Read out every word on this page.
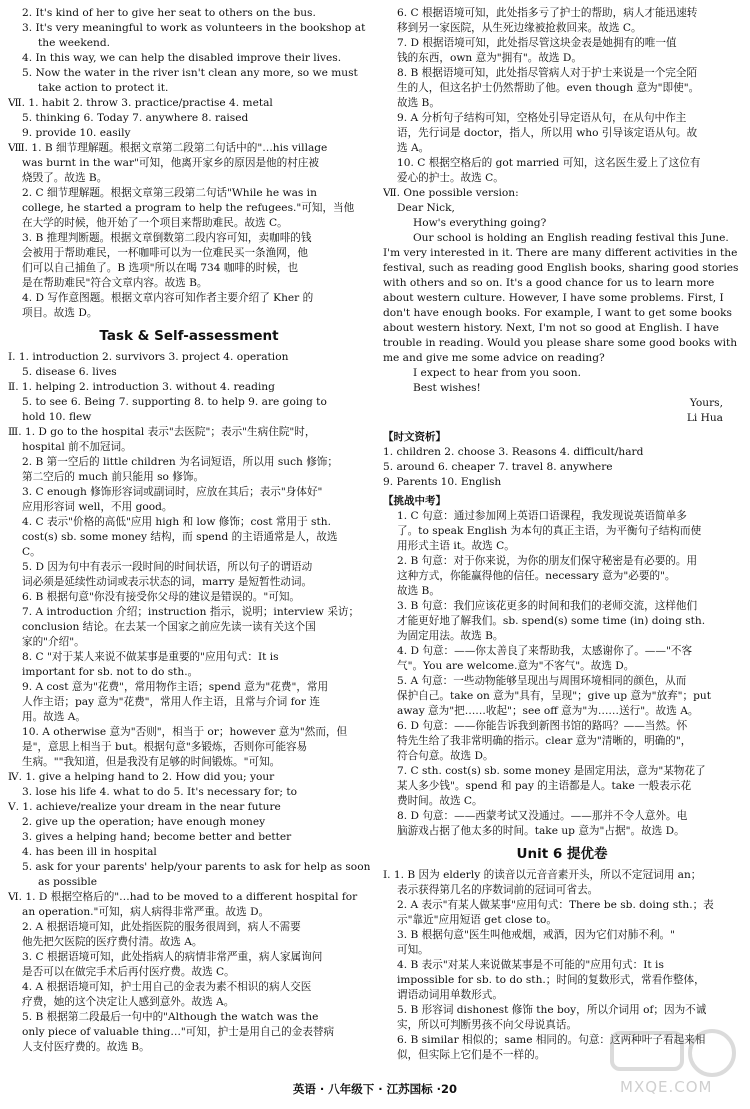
2. It's kind of her to give her seat to others on the bus.
3. It's very meaningful to work as volunteers in the bookshop at
the weekend.
4. In this way, we can help the disabled improve their lives.
5. Now the water in the river isn't clean any more, so we must
take action to protect it.
Ⅶ. 1. habit 2. throw 3. practice/practise 4. metal
5. thinking 6. Today 7. anywhere 8. raised
9. provide 10. easily
Ⅷ. 1. B 细节理解题。根据文章第二段第二句话中的"…his village
was burnt in the war"可知，他离开家乡的原因是他的村庄被
烧毁了。故选 B。
2. C 细节理解题。根据文章第三段第二句话"While he was in
college, he started a program to help the refugees."可知，当他
在大学的时候，他开始了一个项目来帮助难民。故选 C。
3. B 推理判断题。根据文章倒数第二段内容可知，卖咖啡的钱
会被用于帮助难民，一杯咖啡可以为一位难民买一条渔网，他
们可以自己捕鱼了。B 选项"所以在喝 734 咖啡的时候，也
是在帮助难民"符合文章内容。故选 B。
4. D 写作意图题。根据文章内容可知作者主要介绍了 Kher 的
项目。故选 D。
Task & Self-assessment
Ⅰ. 1. introduction 2. survivors 3. project 4. operation
5. disease 6. lives
Ⅱ. 1. helping 2. introduction 3. without 4. reading
5. to see 6. Being 7. supporting 8. to help 9. are going to
hold 10. flew
Ⅲ. 1. D go to the hospital 表示"去医院"；表示"生病住院"时，
hospital 前不加冠词。
2. B 第一空后的 little children 为名词短语，所以用 such 修饰；
第二空后的 much 前只能用 so 修饰。
3. C enough 修饰形容词或副词时，应放在其后；表示"身体好"
应用形容词 well，不用 good。
4. C 表示"价格的高低"应用 high 和 low 修饰；cost 常用于 sth.
cost(s) sb. some money 结构，而 spend 的主语通常是人，故选
C。
5. D 因为句中有表示一段时间的时间状语，所以句子的谓语动
词必须是延续性动词或表示状态的词，marry 是短暂性动词。
6. B 根据句意"你没有接受你父母的建议是错误的。"可知。
7. A introduction 介绍；instruction 指示，说明；interview 采访；
conclusion 结论。在去某一个国家之前应先读一读有关这个国
家的"介绍"。
8. C "对于某人来说不做某事是重要的"应用句式：It is
important for sb. not to do sth.。
9. A cost 意为"花费"，常用物作主语；spend 意为"花费"，常用
人作主语；pay 意为"花费"，常用人作主语，且常与介词 for 连
用。故选 A。
10. A otherwise 意为"否则"，相当于 or；however 意为"然而，但
是"，意思上相当于 but。根据句意"多锻炼，否则你可能容易
生病。""我知道，但是我没有足够的时间锻炼。"可知。
Ⅳ. 1. give a helping hand to 2. How did you; your
3. lose his life 4. what to do 5. It's necessary for; to
Ⅴ. 1. achieve/realize your dream in the near future
2. give up the operation; have enough money
3. gives a helping hand; become better and better
4. has been ill in hospital
5. ask for your parents' help/your parents to ask for help as soon
as possible
Ⅵ. 1. D 根据空格后的"…had to be moved to a different hospital for
an operation."可知，病人病得非常严重。故选 D。
2. A 根据语境可知，此处指医院的服务很周到，病人不需要
他先把欠医院的医疗费付清。故选 A。
3. C 根据语境可知，此处指病人的病情非常严重，病人家属询问
是否可以在做完手术后再付医疗费。故选 C。
4. A 根据语境可知，护士用自己的金表为素不相识的病人交医
疗费，她的这个决定让人感到意外。故选 A。
5. B 根据第二段最后一句中的"Although the watch was the
only piece of valuable thing…"可知，护士是用自己的金表替病
人支付医疗费的。故选 B。
6. C 根据语境可知，此处指多亏了护士的帮助，病人才能迅速转
移到另一家医院，从生死边缘被抢救回来。故选 C。
7. D 根据语境可知，此处指尽管这块金表是她拥有的唯一值
钱的东西，own 意为"拥有"。故选 D。
8. B 根据语境可知，此处指尽管病人对于护士来说是一个完全陌
生的人，但这名护士仍然帮助了他。even though 意为"即使"。
故选 B。
9. A 分析句子结构可知，空格处引导定语从句，在从句中作主
语，先行词是 doctor，指人，所以用 who 引导该定语从句。故
选 A。
10. C 根据空格后的 got married 可知，这名医生爱上了这位有
爱心的护士。故选 C。
Ⅶ. One possible version:
Dear Nick,
How's everything going?
Our school is holding an English reading festival this June.
I'm very interested in it. There are many different activities in the
festival, such as reading good English books, sharing good stories
with others and so on. It's a good chance for us to learn more
about western culture. However, I have some problems. First, I
don't have enough books. For example, I want to get some books
about western history. Next, I'm not so good at English. I have
trouble in reading. Would you please share some good books with
me and give me some advice on reading?
I expect to hear from you soon.
Best wishes!
Yours,
Li Hua
【时文资析】
1. children 2. choose 3. Reasons 4. difficult/hard
5. around 6. cheaper 7. travel 8. anywhere
9. Parents 10. English
【挑战中考】
1. C 句意：通过参加网上英语口语课程，我发现说英语简单多
了。to speak English 为本句的真正主语，为平衡句子结构而使
用形式主语 it。故选 C。
2. B 句意：对于你来说，为你的朋友们保守秘密是有必要的。用
这种方式，你能赢得他的信任。necessary 意为"必要的"。
故选 B。
3. B 句意：我们应该花更多的时间和我们的老师交流，这样他们
才能更好地了解我们。sb. spend(s) some time (in) doing sth.
为固定用法。故选 B。
4. D 句意：——你太善良了来帮助我，太感谢你了。——"不客
气"。You are welcome.意为"不客气"。故选 D。
5. A 句意：一些动物能够呈现出与周围环境相同的颜色，从而
保护自己。take on 意为"具有，呈现"；give up 意为"放弃"；put
away 意为"把……收起"；see off 意为"为……送行"。故选 A。
6. D 句意：——你能告诉我到新图书馆的路吗？——当然。怀
特先生给了我非常明确的指示。clear 意为"清晰的，明确的"，
符合句意。故选 D。
7. C sth. cost(s) sb. some money 是固定用法，意为"某物花了
某人多少钱"。spend 和 pay 的主语都是人。take 一般表示花
费时间。故选 C。
8. D 句意：——西蒙考试又没通过。——那并不令人意外。电
脑游戏占据了他太多的时间。take up 意为"占据"。故选 D。
Unit 6 提优卷
Ⅰ. 1. B 因为 elderly 的读音以元音音素开头，所以不定冠词用 an；
表示获得第几名的序数词前的冠词可省去。
2. A 表示"有某人做某事"应用句式：There be sb. doing sth.；表
示"靠近"应用短语 get close to。
3. B 根据句意"医生叫他戒烟，戒酒，因为它们对肺不利。"
可知。
4. B 表示"对某人来说做某事是不可能的"应用句式：It is
impossible for sb. to do sth.；时间的复数形式，常看作整体，
谓语动词用单数形式。
5. B 形容词 dishonest 修饰 the boy，所以介词用 of；因为不诚
实，所以可判断男孩不向父母说真话。
6. B similar 相似的；same 相同的。句意：这两种叶子看起来相
似，但实际上它们是不一样的。
英语 · 八年级下 · 江苏国标 ·20	MXQE.COM
